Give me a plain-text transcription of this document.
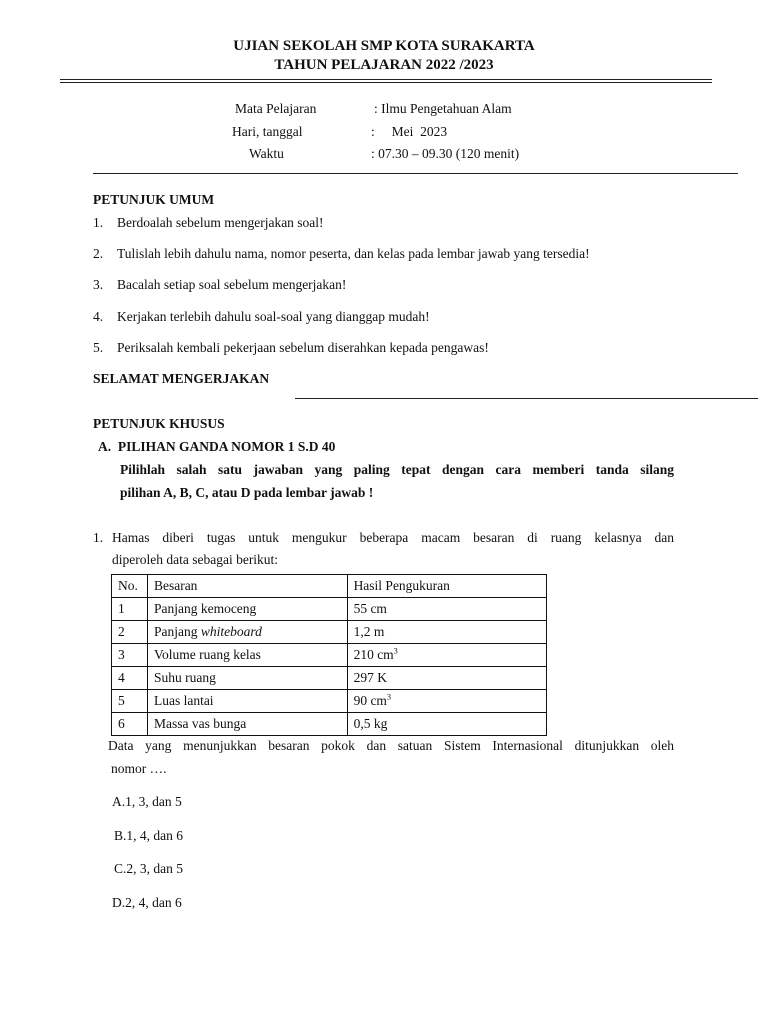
UJIAN SEKOLAH SMP KOTA SURAKARTA
TAHUN PELAJARAN 2022 /2023
Mata Pelajaran	: Ilmu Pengetahuan Alam
Hari, tanggal	:     Mei  2023
Waktu	: 07.30 – 09.30 (120 menit)
PETUNJUK UMUM
1. Berdoalah sebelum mengerjakan soal!
2. Tulislah lebih dahulu nama, nomor peserta, dan kelas pada lembar jawab yang tersedia!
3. Bacalah setiap soal sebelum mengerjakan!
4. Kerjakan terlebih dahulu soal-soal yang dianggap mudah!
5. Periksalah kembali pekerjaan sebelum diserahkan kepada pengawas!
SELAMAT MENGERJAKAN
PETUNJUK KHUSUS
A.  PILIHAN GANDA NOMOR 1 S.D 40
Pilihlah salah satu jawaban yang paling tepat dengan cara memberi tanda silang
pilihan A, B, C, atau D pada lembar jawab !
1. Hamas diberi tugas untuk mengukur beberapa macam besaran di ruang kelasnya dan
diperoleh data sebagai berikut:
No.	Besaran	Hasil Pengukuran
1	Panjang kemoceng	55 cm
2	Panjang whiteboard	1,2 m
3	Volume ruang kelas	210 $cm^3$
4	Suhu ruang	297 K
5	Luas lantai	90 $cm^3$
6	Massa vas bunga	0,5 kg
Data yang menunjukkan besaran pokok dan satuan Sistem Internasional ditunjukkan oleh
nomor ….
A.1, 3, dan 5
B.1, 4, dan 6
C.2, 3, dan 5
D.2, 4, dan 6
